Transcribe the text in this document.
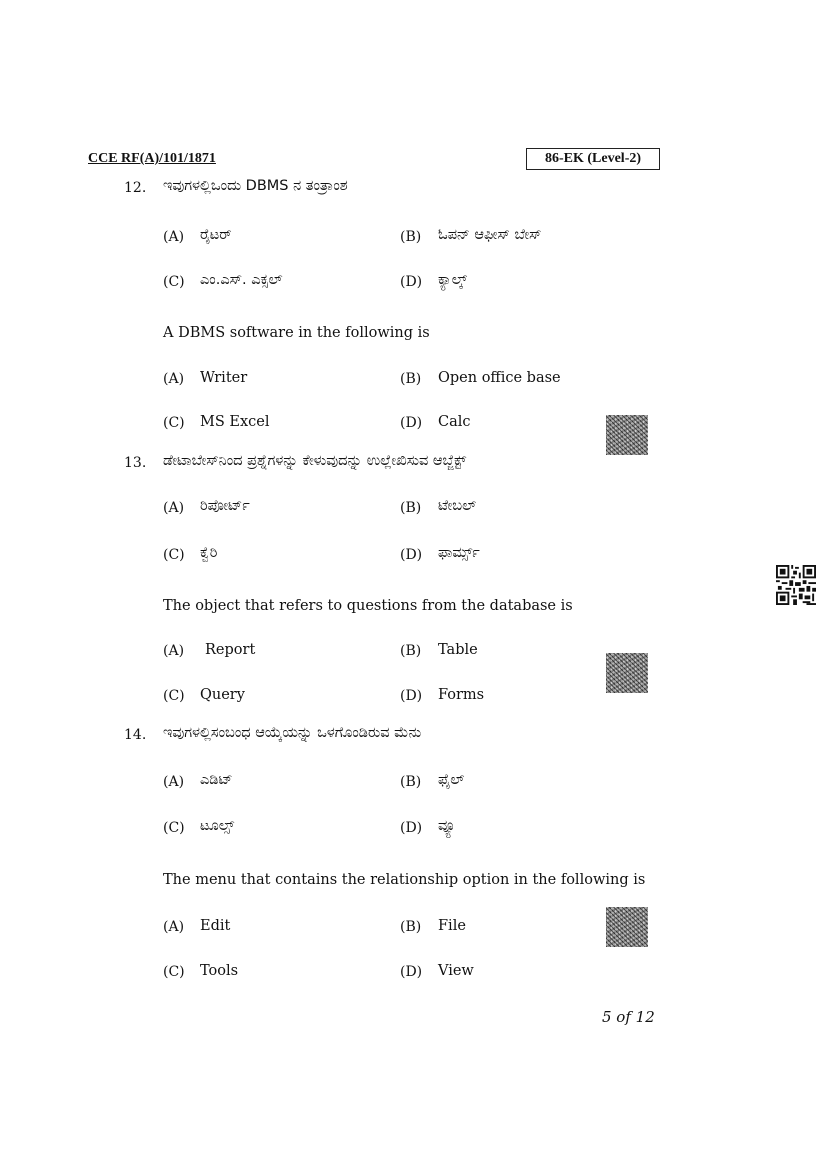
CCE RF(A)/101/1871	86-EK (Level-2)
12. ಇವುಗಳಲ್ಲಿಒಂದು DBMS ನ ತಂತ್ರಾಂಶ
(A) ರೈಟರ್	(B) ಓಪನ್ ಆಫೀಸ್ ಬೇಸ್
(C) ಎಂ.ಎಸ್. ಎಕ್ಸಲ್	(D) ಕ್ಯಾಲ್ಕ್
A DBMS software in the following is
(A) Writer	(B) Open office base
(C) MS Excel	(D) Calc
13. ಡೇಟಾಬೇಸ್‌ನಿಂದ ಪ್ರಶ್ನೆಗಳನ್ನು ಕೇಳುವುದನ್ನು ಉಲ್ಲೇಖಿಸುವ ಆಬ್ಜೆಕ್ಟ್
(A) ರಿಪೋರ್ಟ್	(B) ಟೇಬಲ್
(C) ಕ್ವೆರಿ	(D) ಫಾರ್ಮ್ಸ್
The object that refers to questions from the database is
(A) Report	(B) Table
(C) Query	(D) Forms
14. ಇವುಗಳಲ್ಲಿಸಂಬಂಧ ಆಯ್ಕೆಯನ್ನು ಒಳಗೊಂಡಿರುವ ಮೆನು
(A) ಎಡಿಟ್	(B) ಫೈಲ್
(C) ಟೂಲ್ಸ್	(D) ವ್ಯೂ
The menu that contains the relationship option in the following is
(A) Edit	(B) File
(C) Tools	(D) View
5 of 12
